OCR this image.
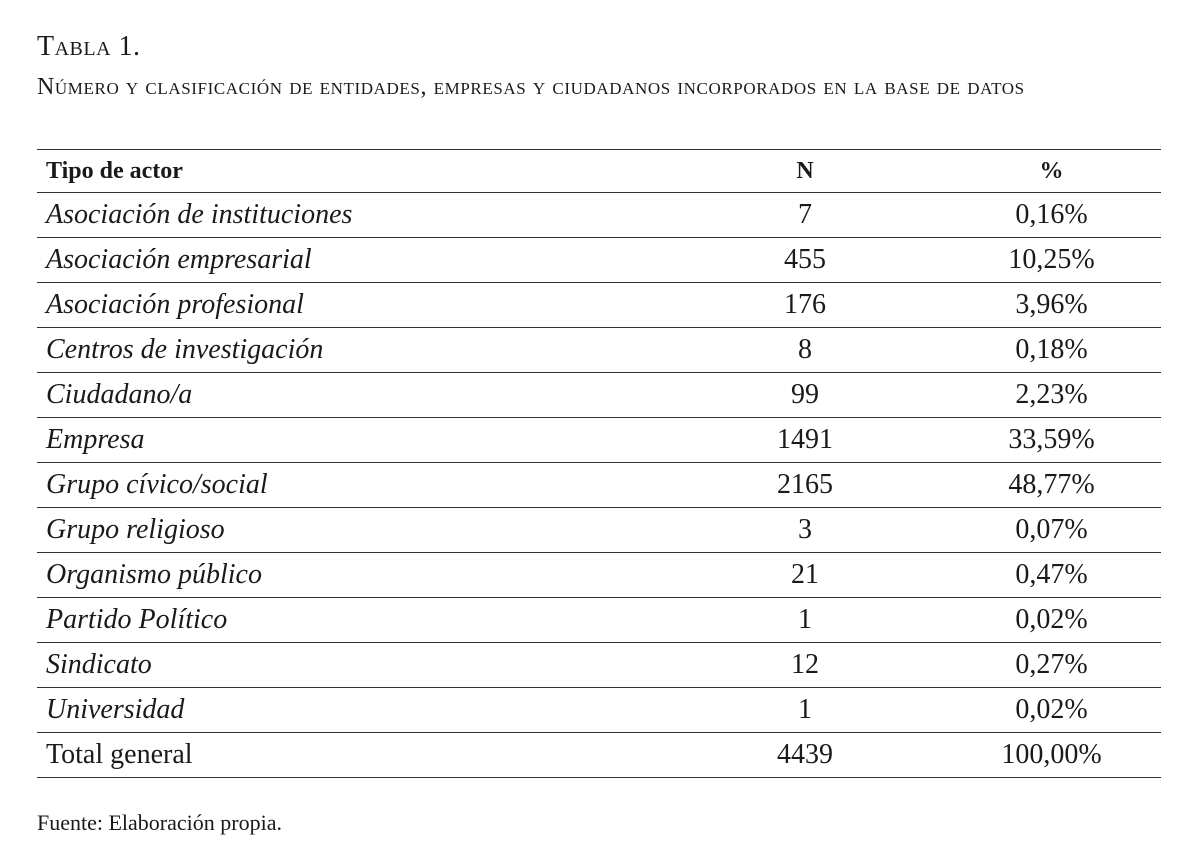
Tabla 1.
Número y clasificación de entidades, empresas y ciudadanos incorporados en la base de datos
Tipo de actor	N	%
Asociación de instituciones	7	0,16%
Asociación empresarial	455	10,25%
Asociación profesional	176	3,96%
Centros de investigación	8	0,18%
Ciudadano/a	99	2,23%
Empresa	1491	33,59%
Grupo cívico/social	2165	48,77%
Grupo religioso	3	0,07%
Organismo público	21	0,47%
Partido Político	1	0,02%
Sindicato	12	0,27%
Universidad	1	0,02%
Total general	4439	100,00%
Fuente: Elaboración propia.
